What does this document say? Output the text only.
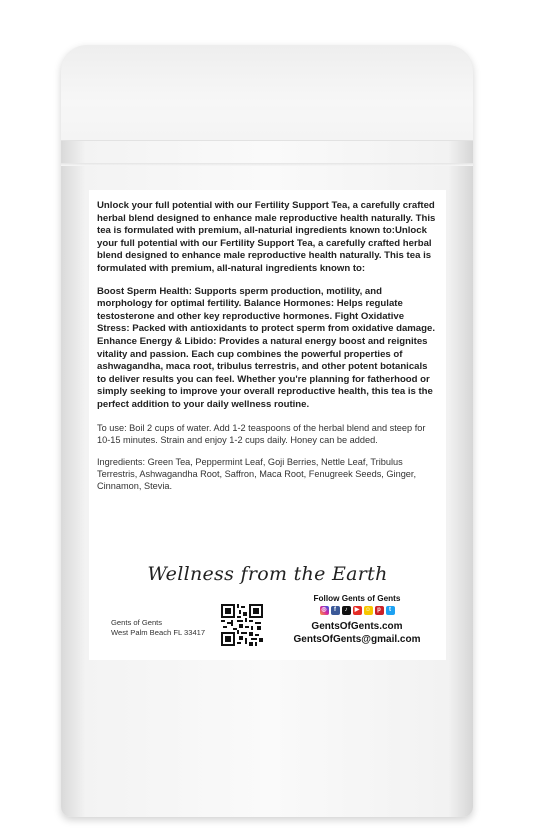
Unlock your full potential with our Fertility Support Tea, a carefully crafted herbal blend designed to enhance male reproductive health naturally. This tea is formulated with premium, all-naturial ingredients known to:Unlock your full potential with our Fertility Support Tea, a carefully crafted herbal blend designed to enhance male reproductive health naturally. This tea is formulated with premium, all-natural ingredients known to:

Boost Sperm Health: Supports sperm production, motility, and morphology for optimal fertility. Balance Hormones: Helps regulate testosterone and other key reproductive hormones. Fight Oxidative Stress: Packed with antioxidants to protect sperm from oxidative damage. Enhance Energy & Libido: Provides a natural energy boost and reignites vitality and passion. Each cup combines the powerful properties of ashwagandha, maca root, tribulus terrestris, and other potent botanicals to deliver results you can feel. Whether you're planning for fatherhood or simply seeking to improve your overall reproductive health, this tea is the perfect addition to your daily wellness routine.

To use: Boil 2 cups of water. Add 1-2 teaspoons of the herbal blend and steep for 10-15 minutes. Strain and enjoy 1-2 cups daily. Honey can be added.

Ingredients: Green Tea, Peppermint Leaf, Goji Berries, Nettle Leaf, Tribulus Terrestris, Ashwagandha Root, Saffron, Maca Root, Fenugreek Seeds, Ginger, Cinnamon, Stevia.

Wellness from the Earth
Gents of Gents
West Palm Beach FL 33417
Follow Gents of Gents
◎	f	♪	▶ ☺	p	t
GentsOfGents.com
GentsOfGents@gmail.com
